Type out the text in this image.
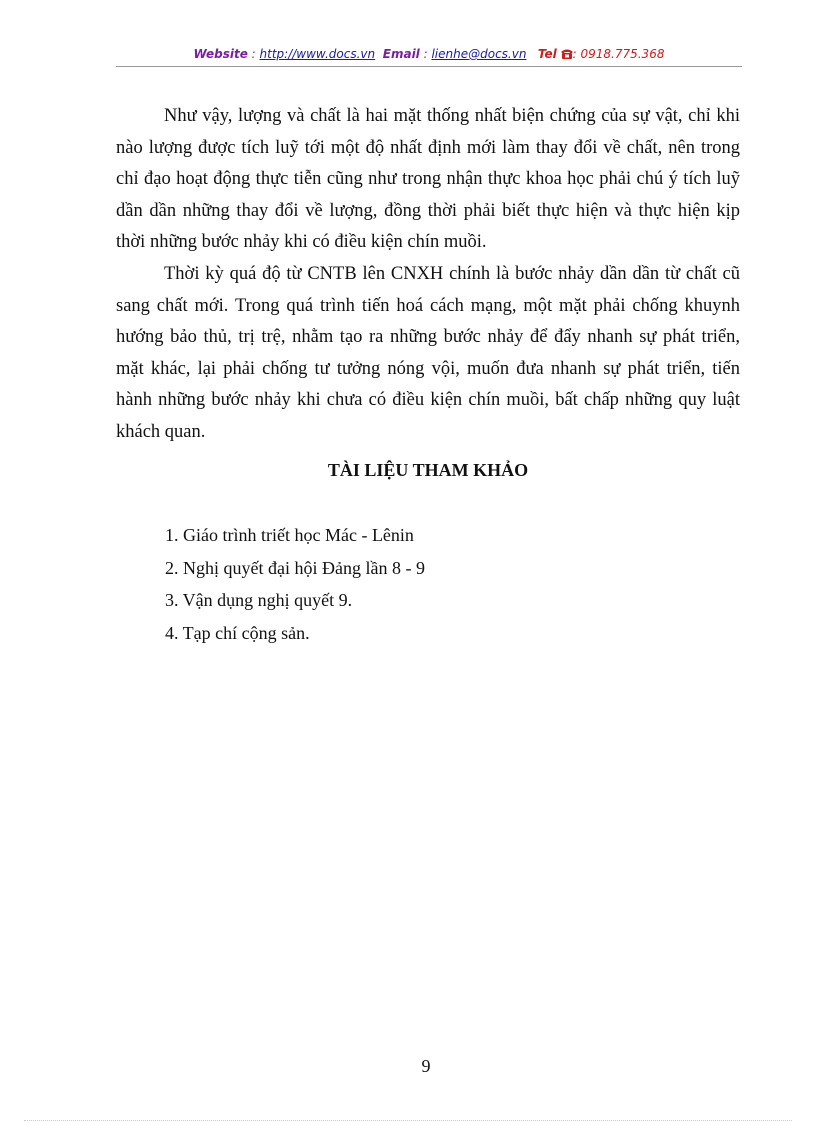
Website : http://www.docs.vn Email : lienhe@docs.vn Tel : 0918.775.368

Như vậy, lượng và chất là hai mặt thống nhất biện chứng của sự vật, chỉ khi nào lượng được tích luỹ tới một độ nhất định mới làm thay đổi về chất, nên trong chỉ đạo hoạt động thực tiễn cũng như trong nhận thực khoa học phải chú ý tích luỹ dần dần những thay đổi về lượng, đồng thời phải biết thực hiện và thực hiện kịp thời những bước nhảy khi có điều kiện chín muồi.

Thời kỳ quá độ từ CNTB lên CNXH chính là bước nhảy dần dần từ chất cũ sang chất mới. Trong quá trình tiến hoá cách mạng, một mặt phải chống khuynh hướng bảo thủ, trị trệ, nhằm tạo ra những bước nhảy để đẩy nhanh sự phát triển, mặt khác, lại phải chống tư tưởng nóng vội, muốn đưa nhanh sự phát triển, tiến hành những bước nhảy khi chưa có điều kiện chín muồi, bất chấp những quy luật khách quan.

TÀI LIỆU THAM KHẢO
1. Giáo trình triết học Mác - Lênin
2. Nghị quyết đại hội Đảng lần 8 - 9
3. Vận dụng nghị quyết 9.
4. Tạp chí cộng sản.
9
